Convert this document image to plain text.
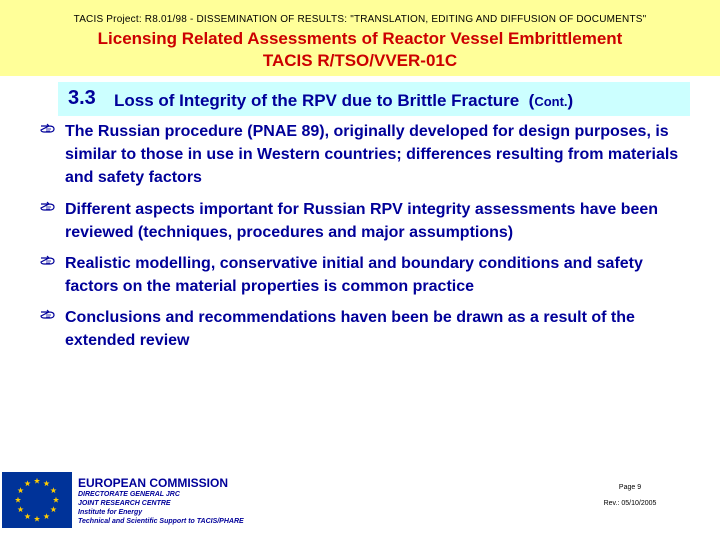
TACIS Project: R8.01/98 - DISSEMINATION OF RESULTS: "TRANSLATION, EDITING AND DIFFUSION OF DOCUMENTS"
Licensing Related Assessments of Reactor Vessel Embrittlement
TACIS R/TSO/VVER-01C
3.3 Loss of Integrity of the RPV due to Brittle Fracture (Cont.)
The Russian procedure (PNAE 89), originally developed for design purposes, is similar to those in use in Western countries; differences resulting from materials and safety factors
Different aspects important for Russian RPV integrity assessments have been reviewed (techniques, procedures and major assumptions)
Realistic modelling, conservative initial and boundary conditions and safety factors on the material properties is common practice
Conclusions and recommendations haven been be drawn as a result of the extended review
EUROPEAN COMMISSION
DIRECTORATE GENERAL JRC
JOINT RESEARCH CENTRE
Institute for Energy
Technical and Scientific Support to TACIS/PHARE
Page 9
Rev.: 05/10/2005
